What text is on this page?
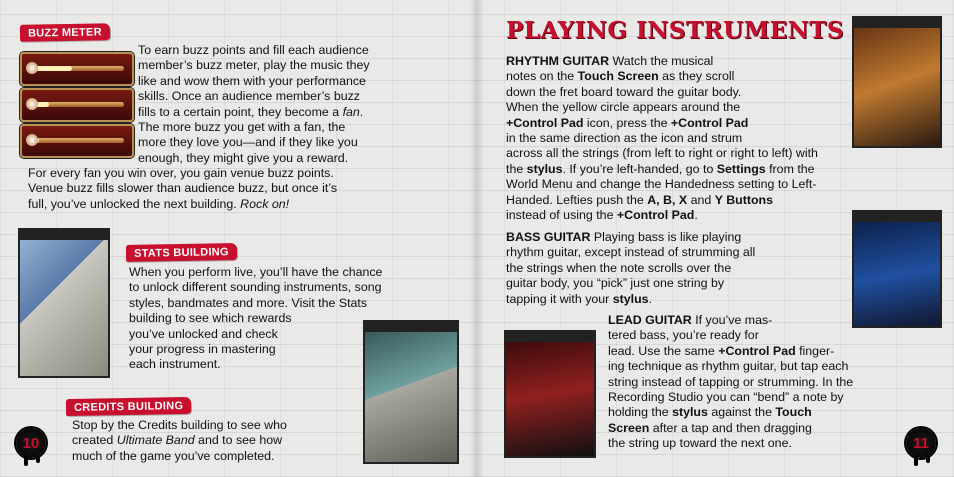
BUZZ METER

To earn buzz points and fill each audience
member’s buzz meter, play the music they
like and wow them with your performance
skills. Once an audience member’s buzz
fills to a certain point, they become a fan.
The more buzz you get with a fan, the
more they love you—and if they like you
enough, they might give you a reward.

For every fan you win over, you gain venue buzz points.
Venue buzz fills slower than audience buzz, but once it’s
full, you’ve unlocked the next building. Rock on!

STATS BUILDING

When you perform live, you’ll have the chance
to unlock different sounding instruments, song
styles, bandmates and more. Visit the Stats
building to see which rewards
you’ve unlocked and check
your progress in mastering
each instrument.

CREDITS BUILDING

Stop by the Credits building to see who
created Ultimate Band and to see how
much of the game you’ve completed.

10
PLAYING INSTRUMENTS

RHYTHM GUITAR Watch the musical
notes on the Touch Screen as they scroll
down the fret board toward the guitar body.
When the yellow circle appears around the
+Control Pad icon, press the +Control Pad
in the same direction as the icon and strum
across all the strings (from left to right or right to left) with
the stylus. If you’re left-handed, go to Settings from the
World Menu and change the Handedness setting to Left-
Handed. Lefties push the A, B, X and Y Buttons
instead of using the +Control Pad.

BASS GUITAR Playing bass is like playing
rhythm guitar, except instead of strumming all
the strings when the note scrolls over the
guitar body, you “pick” just one string by
tapping it with your stylus.

LEAD GUITAR If you’ve mas-
tered bass, you’re ready for
lead. Use the same +Control Pad finger-
ing technique as rhythm guitar, but tap each
string instead of tapping or strumming. In the
Recording Studio you can “bend” a note by
holding the stylus against the Touch
Screen after a tap and then dragging
the string up toward the next one.	11
